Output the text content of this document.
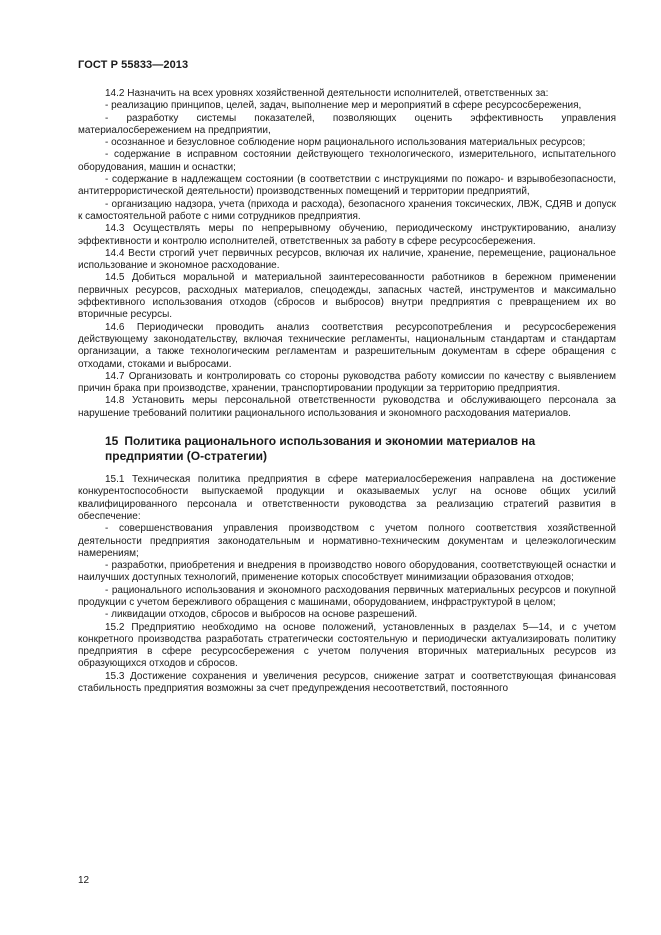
ГОСТ Р 55833—2013

14.2 Назначить на всех уровнях хозяйственной деятельности исполнителей, ответственных за:

- реализацию принципов, целей, задач, выполнение мер и мероприятий в сфере ресурсосбережения,

- разработку системы показателей, позволяющих оценить эффективность управления материалосбережением на предприятии,

- осознанное и безусловное соблюдение норм рационального использования материальных ресурсов;

- содержание в исправном состоянии действующего технологического, измерительного, испытательного оборудования, машин и оснастки;

- содержание в надлежащем состоянии (в соответствии с инструкциями по пожаро- и взрывобезопасности, антитеррористической деятельности) производственных помещений и территории предприятий,

- организацию надзора, учета (прихода и расхода), безопасного хранения токсических, ЛВЖ, СДЯВ и допуск к самостоятельной работе с ними сотрудников предприятия.

14.3 Осуществлять меры по непрерывному обучению, периодическому инструктированию, анализу эффективности и контролю исполнителей, ответственных за работу в сфере ресурсосбережения.

14.4 Вести строгий учет первичных ресурсов, включая их наличие, хранение, перемещение, рациональное использование и экономное расходование.

14.5 Добиться моральной и материальной заинтересованности работников в бережном применении первичных ресурсов, расходных материалов, спецодежды, запасных частей, инструментов и максимально эффективного использования отходов (сбросов и выбросов) внутри предприятия с превращением их во вторичные ресурсы.

14.6 Периодически проводить анализ соответствия ресурсопотребления и ресурсосбережения действующему законодательству, включая технические регламенты, национальным стандартам и стандартам организации, а также технологическим регламентам и разрешительным документам в сфере обращения с отходами, стоками и выбросами.

14.7 Организовать и контролировать со стороны руководства работу комиссии по качеству с выявлением причин брака при производстве, хранении, транспортировании продукции за территорию предприятия.

14.8 Установить меры персональной ответственности руководства и обслуживающего персонала за нарушение требований политики рационального использования и экономного расходования материалов.

15 Политика рационального использования и экономии материалов на предприятии (О-стратегии)

15.1 Техническая политика предприятия в сфере материалосбережения направлена на достижение конкурентоспособности выпускаемой продукции и оказываемых услуг на основе общих усилий квалифицированного персонала и ответственности руководства за реализацию стратегий развития в обеспечение:

- совершенствования управления производством с учетом полного соответствия хозяйственной деятельности предприятия законодательным и нормативно-техническим документам и целеэкологическим намерениям;

- разработки, приобретения и внедрения в производство нового оборудования, соответствующей оснастки и наилучших доступных технологий, применение которых способствует минимизации образования отходов;

- рационального использования и экономного расходования первичных материальных ресурсов и покупной продукции с учетом бережливого обращения с машинами, оборудованием, инфраструктурой в целом;

- ликвидации отходов, сбросов и выбросов на основе разрешений.

15.2 Предприятию необходимо на основе положений, установленных в разделах 5—14, и с учетом конкретного производства разработать стратегически состоятельную и периодически актуализировать политику предприятия в сфере ресурсосбережения с учетом получения вторичных материальных ресурсов из образующихся отходов и сбросов.

15.3 Достижение сохранения и увеличения ресурсов, снижение затрат и соответствующая финансовая стабильность предприятия возможны за счет предупреждения несоответствий, постоянного

12
